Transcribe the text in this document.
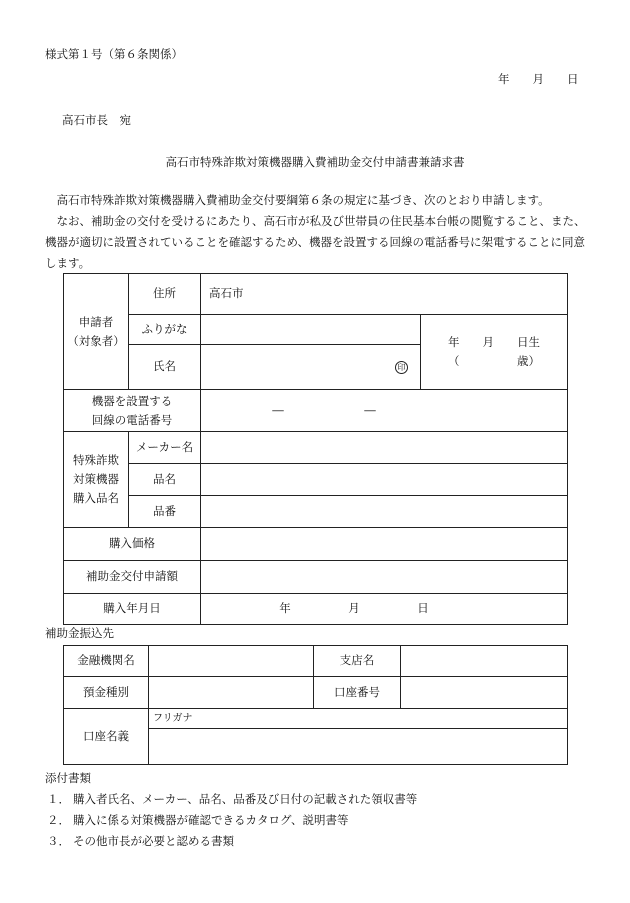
様式第１号（第６条関係）
年　　月　　日
高石市長　宛
高石市特殊詐欺対策機器購入費補助金交付申請書兼請求書
高石市特殊詐欺対策機器購入費補助金交付要綱第６条の規定に基づき、次のとおり申請します。
なお、補助金の交付を受けるにあたり、高石市が私及び世帯員の住民基本台帳の閲覧すること、また、機器が適切に設置されていることを確認するため、機器を設置する回線の電話番号に架電することに同意します。
申請者
（対象者）	住所	高石市	
	ふりがな		年　　月　　日生
（　　　　　歳）

	氏名	印	

機器を設置する
回線の電話番号		―　　　　　　　―	

特殊詐欺
対策機器
購入品名	メーカー名		
	品名		
	品番		
購入価格			
補助金交付申請額			
購入年月日		年　　　　　月　　　　　日	
補助金振込先
金融機関名		支店名	
預金種別		口座番号	
口座名義	フリガナ		

添付書類
１． 購入者氏名、メーカー、品名、品番及び日付の記載された領収書等
２． 購入に係る対策機器が確認できるカタログ、説明書等
３． その他市長が必要と認める書類
